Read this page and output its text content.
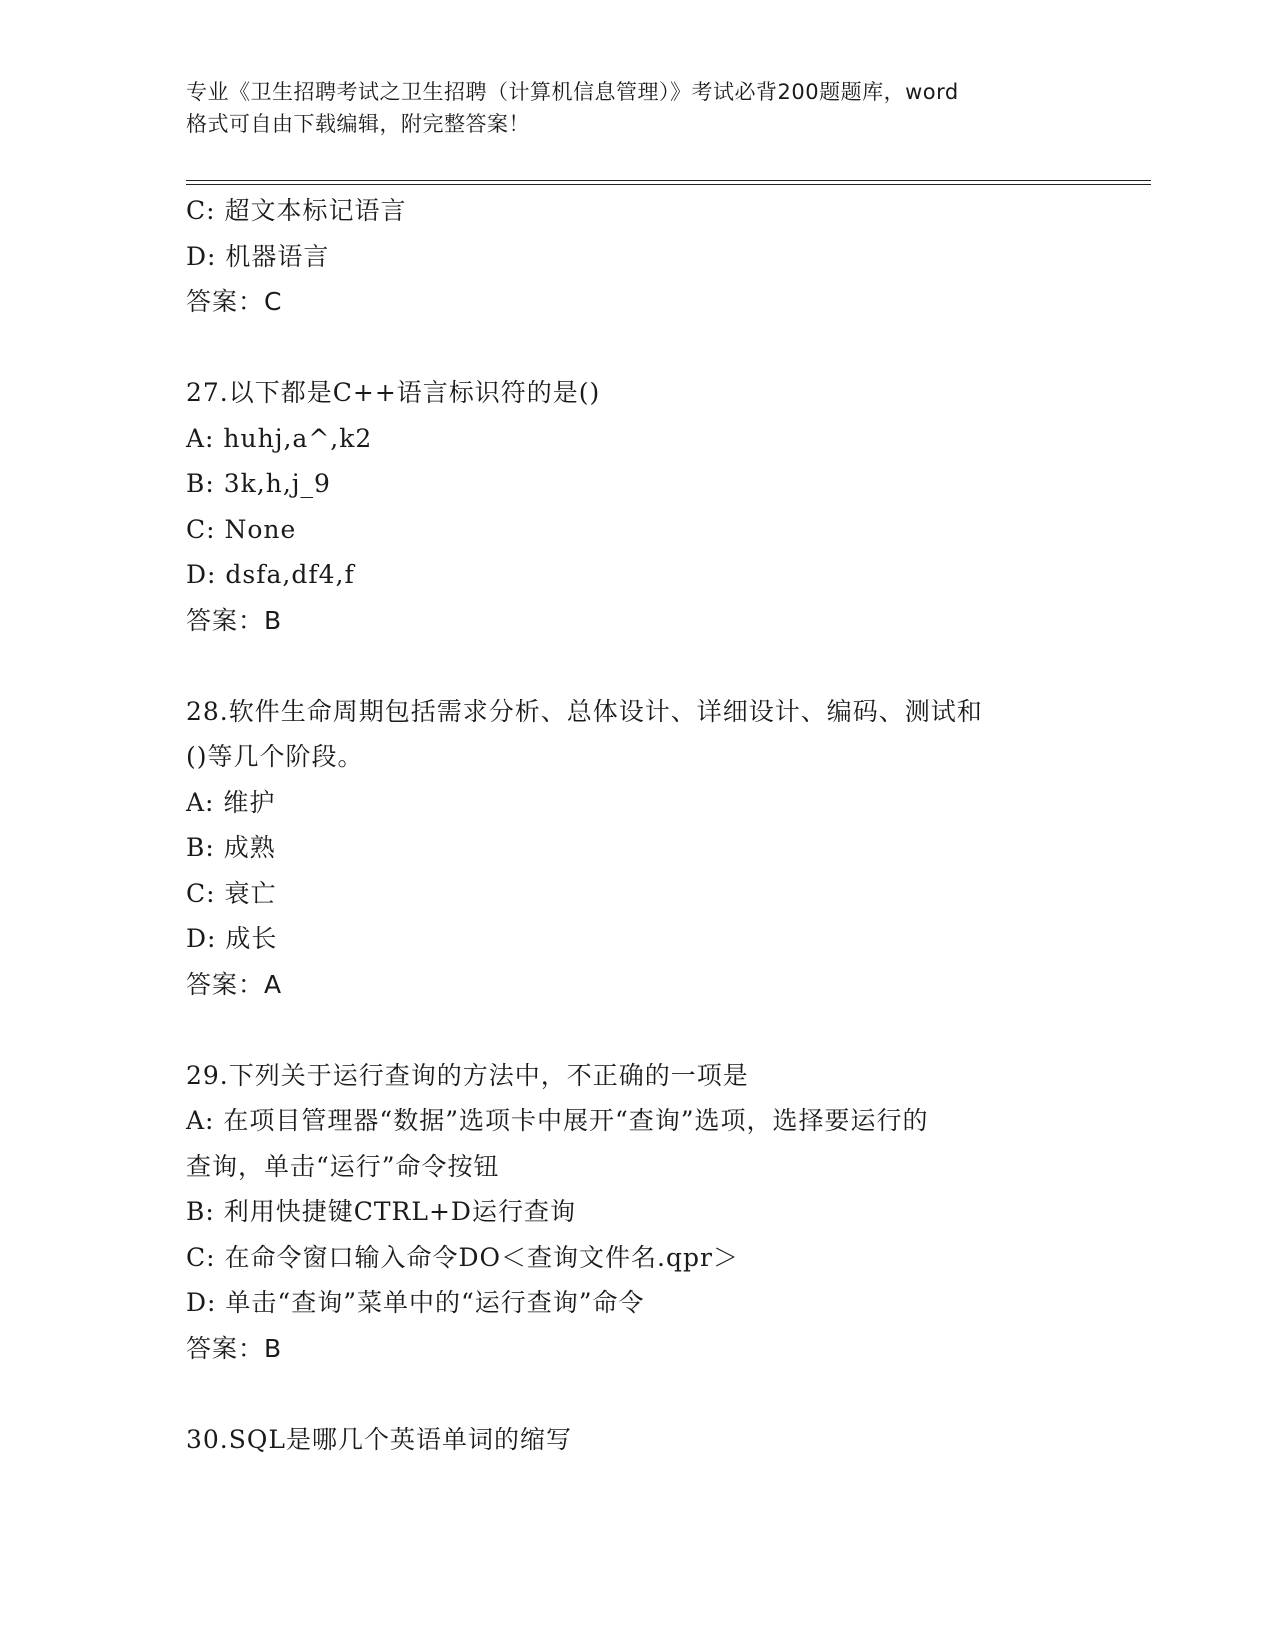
专业《卫生招聘考试之卫生招聘（计算机信息管理）》考试必背200题题库，word
格式可自由下载编辑，附完整答案！
C: 超文本标记语言
D: 机器语言
答案：C
27.以下都是C++语言标识符的是()
A: huhj,a^,k2
B: 3k,h,j_9
C: None
D: dsfa,df4,f
答案：B
28.软件生命周期包括需求分析、总体设计、详细设计、编码、测试和
()等几个阶段。
A: 维护
B: 成熟
C: 衰亡
D: 成长
答案：A
29.下列关于运行查询的方法中，不正确的一项是
A: 在项目管理器“数据”选项卡中展开“查询”选项，选择要运行的
查询，单击“运行”命令按钮
B: 利用快捷键CTRL+D运行查询
C: 在命令窗口输入命令DO＜查询文件名.qpr＞
D: 单击“查询”菜单中的“运行查询”命令
答案：B
30.SQL是哪几个英语单词的缩写
